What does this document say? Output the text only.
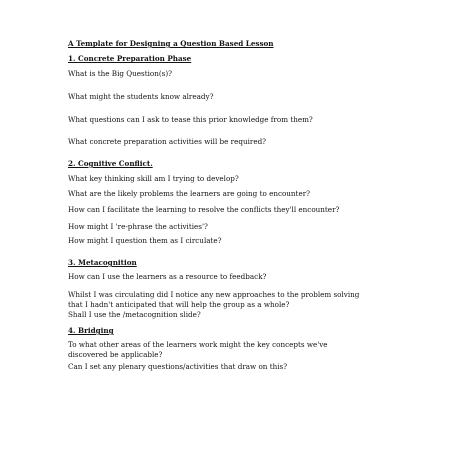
A Template for Designing a Question Based Lesson
1. Concrete Preparation Phase
What is the Big Question(s)?
What might the students know already?
What questions can I ask to tease this prior knowledge from them?
What concrete preparation activities will be required?
2. Cognitive Conflict.
What key thinking skill am I trying to develop?
What are the likely problems the learners are going to encounter?
How can I facilitate the learning to resolve the conflicts they'll encounter?
How might I 're-phrase the activities'?
How might I question them as I circulate?
3. Metacognition
How can I use the learners as a resource to feedback?
Whilst I was circulating did I notice any new approaches to the problem solving that I hadn't anticipated that will help the group as a whole?
Shall I use the /metacognition slide?
4. Bridging
To what other areas of the learners work might the key concepts we've discovered be applicable?
Can I set any plenary questions/activities that draw on this?
